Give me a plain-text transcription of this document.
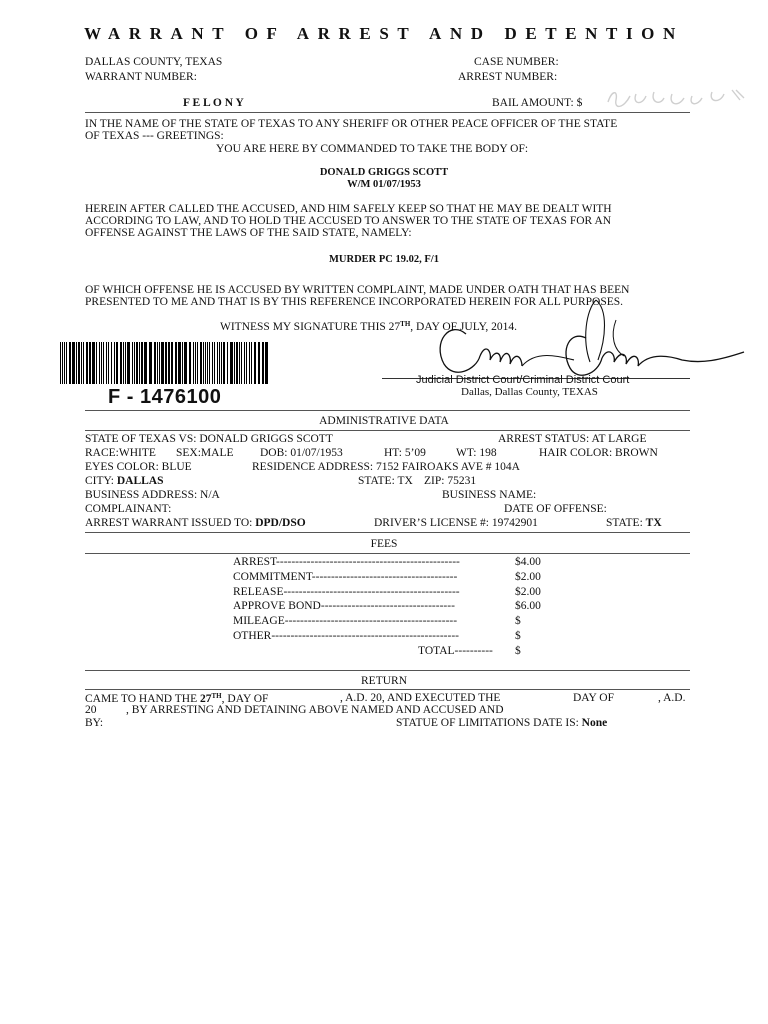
WARRANT OF ARREST AND DETENTION
DALLAS COUNTY, TEXAS
WARRANT NUMBER:
CASE NUMBER:
ARREST NUMBER:
F E L O N Y	BAIL AMOUNT: $
IN THE NAME OF THE STATE OF TEXAS TO ANY SHERIFF OR OTHER PEACE OFFICER OF THE STATE
OF TEXAS --- GREETINGS:
YOU ARE HERE BY COMMANDED TO TAKE THE BODY OF:
DONALD GRIGGS SCOTT
W/M 01/07/1953
HEREIN AFTER CALLED THE ACCUSED, AND HIM SAFELY KEEP SO THAT HE MAY BE DEALT WITH
ACCORDING TO LAW, AND TO HOLD THE ACCUSED TO ANSWER TO THE STATE OF TEXAS FOR AN
OFFENSE AGAINST THE LAWS OF THE SAID STATE, NAMELY:
MURDER PC 19.02, F/1
OF WHICH OFFENSE HE IS ACCUSED BY WRITTEN COMPLAINT, MADE UNDER OATH THAT HAS BEEN
PRESENTED TO ME AND THAT IS BY THIS REFERENCE INCORPORATED HEREIN FOR ALL PURPOSES.
WITNESS MY SIGNATURE THIS 27TH, DAY OF JULY, 2014.
F - 1476100
Judicial District Court/Criminal District Court
Dallas, Dallas County, TEXAS
ADMINISTRATIVE DATA
STATE OF TEXAS VS: DONALD GRIGGS SCOTT	ARREST STATUS: AT LARGE
RACE:WHITE SEX:MALE DOB: 01/07/1953	HT: 5’09	WT: 198	HAIR COLOR: BROWN
EYES COLOR: BLUE	RESIDENCE ADDRESS: 7152 FAIROAKS AVE # 104A
CITY: DALLAS	STATE: TX ZIP: 75231
BUSINESS ADDRESS: N/A	BUSINESS NAME:
COMPLAINANT:	DATE OF OFFENSE:
ARREST WARRANT ISSUED TO: DPD/DSO	DRIVER’S LICENSE #: 19742901	STATE: TX
FEES
ARREST------------------------------------------------	$4.00
COMMITMENT--------------------------------------	$2.00
RELEASE----------------------------------------------	$2.00
APPROVE BOND-----------------------------------	$6.00
MILEAGE---------------------------------------------	$
OTHER-------------------------------------------------	$
TOTAL---------- $
RETURN
CAME TO HAND THE 27TH, DAY OF	, A.D. 20, AND EXECUTED THE	DAY OF	, A.D.
20	, BY ARRESTING AND DETAINING ABOVE NAMED AND ACCUSED AND
BY:	STATUE OF LIMITATIONS DATE IS: None
